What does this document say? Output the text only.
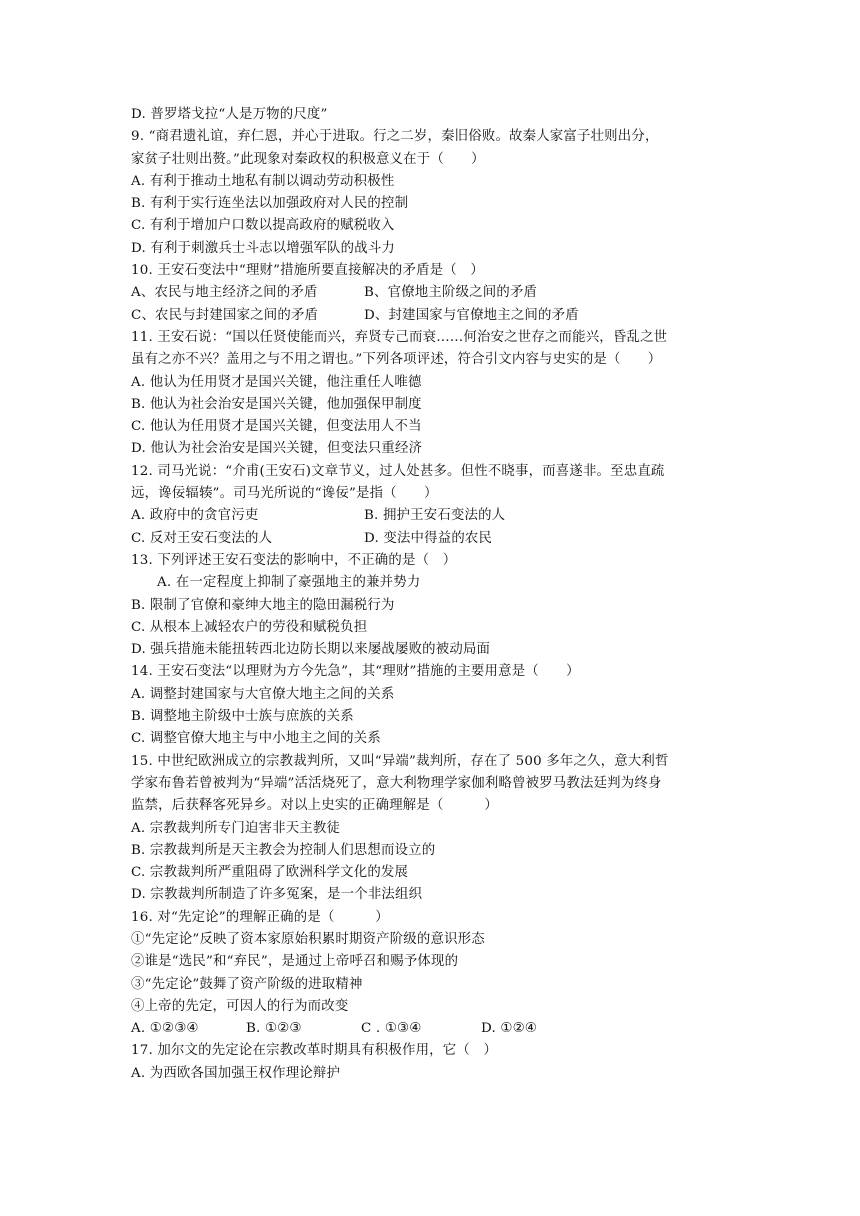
D. 普罗塔戈拉“人是万物的尺度”
9. “商君遗礼谊，弃仁恩，并心于进取。行之二岁，秦旧俗败。故秦人家富子壮则出分，
家贫子壮则出赘。”此现象对秦政权的积极意义在于（　　）
A. 有利于推动土地私有制以调动劳动积极性
B. 有利于实行连坐法以加强政府对人民的控制
C. 有利于增加户口数以提高政府的赋税收入
D. 有利于刺激兵士斗志以增强军队的战斗力
10. 王安石变法中“理财”措施所要直接解决的矛盾是（　）
A、农民与地主经济之间的矛盾	B、官僚地主阶级之间的矛盾
C、农民与封建国家之间的矛盾	D、封建国家与官僚地主之间的矛盾
11. 王安石说：“国以任贤使能而兴，弃贤专己而衰……何治安之世存之而能兴，昏乱之世
虽有之亦不兴？盖用之与不用之谓也。”下列各项评述，符合引文内容与史实的是（　　）
A. 他认为任用贤才是国兴关键，他注重任人唯德
B. 他认为社会治安是国兴关键，他加强保甲制度
C. 他认为任用贤才是国兴关键，但变法用人不当
D. 他认为社会治安是国兴关键，但变法只重经济
12. 司马光说：“介甫(王安石)文章节义，过人处甚多。但性不晓事，而喜遂非。至忠直疏
远，谗佞辐辏”。司马光所说的“谗佞”是指（　　）
A. 政府中的贪官污吏	B. 拥护王安石变法的人
C. 反对王安石变法的人	D. 变法中得益的农民
13. 下列评述王安石变法的影响中，不正确的是（　）
A. 在一定程度上抑制了豪强地主的兼并势力
B. 限制了官僚和豪绅大地主的隐田漏税行为
C. 从根本上减轻农户的劳役和赋税负担
D. 强兵措施未能扭转西北边防长期以来屡战屡败的被动局面
14. 王安石变法“以理财为方今先急”，其“理财”措施的主要用意是（　　）
A. 调整封建国家与大官僚大地主之间的关系
B. 调整地主阶级中士族与庶族的关系
C. 调整官僚大地主与中小地主之间的关系
15. 中世纪欧洲成立的宗教裁判所，又叫“异端”裁判所，存在了 500 多年之久，意大利哲
学家布鲁若曾被判为“异端”活活烧死了，意大利物理学家伽利略曾被罗马教法廷判为终身
监禁，后获释客死异乡。对以上史实的正确理解是（　　　）
A. 宗教裁判所专门迫害非天主教徒
B. 宗教裁判所是天主教会为控制人们思想而设立的
C. 宗教裁判所严重阻碍了欧洲科学文化的发展
D. 宗教裁判所制造了许多冤案，是一个非法组织
16. 对“先定论”的理解正确的是（　　　）
①“先定论”反映了资本家原始积累时期资产阶级的意识形态
②谁是“选民”和“弃民”，是通过上帝呼召和赐予体现的
③“先定论”鼓舞了资产阶级的进取精神
④上帝的先定，可因人的行为而改变
A. ①②③④	B. ①②③	C . ①③④	D. ①②④
17. 加尔文的先定论在宗教改革时期具有积极作用，它（　）
A. 为西欧各国加强王权作理论辩护
